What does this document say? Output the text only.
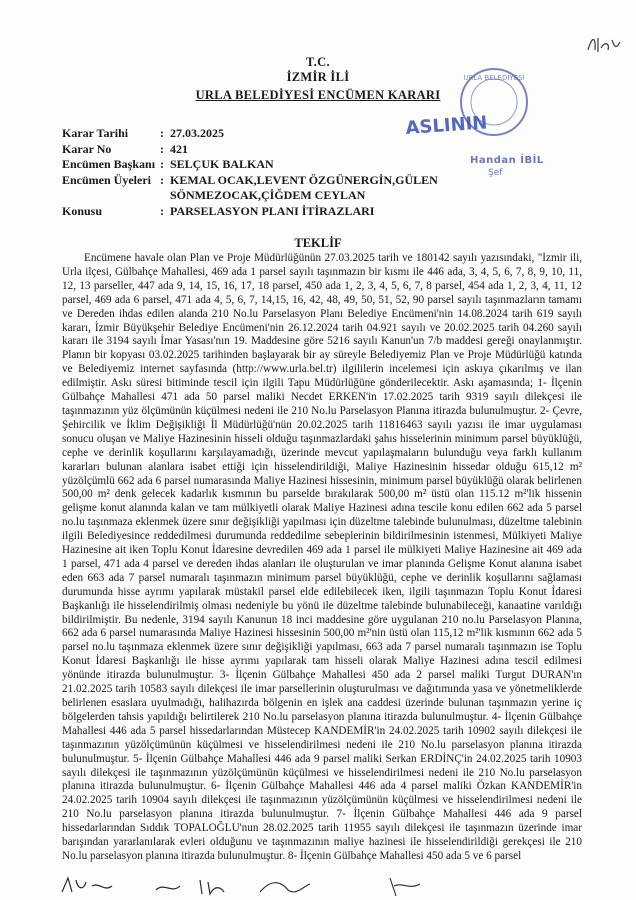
T.C.
İZMİR İLİ
URLA BELEDİYESİ ENCÜMEN KARARI
URLA BELEDİYESİ
ASLININ
Handan İBİL
Şef
Karar Tarihi	: 27.03.2025
Karar No	: 421
Encümen Başkanı : SELÇUK BALKAN
Encümen Üyeleri : KEMAL OCAK,LEVENT ÖZGÜNERGİN,GÜLEN SÖNMEZOCAK,ÇİĞDEM CEYLAN
Konusu	: PARSELASYON PLANI İTİRAZLARI
TEKLİF
Encümene havale olan Plan ve Proje Müdürlüğünün 27.03.2025 tarih ve 180142 sayılı yazısındaki, "İzmir ili, Urla ilçesi, Gülbahçe Mahallesi, 469 ada 1 parsel sayılı taşınmazın bir kısmı ile 446 ada, 3, 4, 5, 6, 7, 8, 9, 10, 11, 12, 13 parseller, 447 ada 9, 14, 15, 16, 17, 18 parsel, 450 ada 1, 2, 3, 4, 5, 6, 7, 8 parsel, 454 ada 1, 2, 3, 4, 11, 12 parsel, 469 ada 6 parsel, 471 ada 4, 5, 6, 7, 14,15, 16, 42, 48, 49, 50, 51, 52, 90 parsel sayılı taşınmazların tamamı ve Dereden ihdas edilen alanda 210 No.lu Parselasyon Planı Belediye Encümeni'nin 14.08.2024 tarih 619 sayılı kararı, İzmir Büyükşehir Belediye Encümeni'nin 26.12.2024 tarih 04.921 sayılı ve 20.02.2025 tarih 04.260 sayılı kararı ile 3194 sayılı İmar Yasası'nın 19. Maddesine göre 5216 sayılı Kanun'un 7/b maddesi gereği onaylanmıştır. Planın bir kopyası 03.02.2025 tarihinden başlayarak bir ay süreyle Belediyemiz Plan ve Proje Müdürlüğü katında ve Belediyemiz internet sayfasında (http://www.urla.bel.tr) ilgililerin incelemesi için askıya çıkarılmış ve ilan edilmiştir. Askı süresi bitiminde tescil için ilgili Tapu Müdürlüğüne gönderilecektir. Askı aşamasında; 1- İlçenin Gülbahçe Mahallesi 471 ada 50 parsel maliki Necdet ERKEN'in 17.02.2025 tarih 9319 sayılı dilekçesi ile taşınmazının yüz ölçümünün küçülmesi nedeni ile 210 No.lu Parselasyon Planına itirazda bulunulmuştur. 2- Çevre, Şehircilik ve İklim Değişikliği İl Müdürlüğü'nün 20.02.2025 tarih 11816463 sayılı yazısı ile imar uygulaması sonucu oluşan ve Maliye Hazinesinin hisseli olduğu taşınmazlardaki şahıs hisselerinin minimum parsel büyüklüğü, cephe ve derinlik koşullarını karşılayamadığı, üzerinde mevcut yapılaşmaların bulunduğu veya farklı kullanım kararları bulunan alanlara isabet ettiği için hisselendirildiği, Maliye Hazinesinin hissedar olduğu 615,12 m² yüzölçümlü 662 ada 6 parsel numarasında Maliye Hazinesi hissesinin, minimum parsel büyüklüğü olarak belirlenen 500,00 m² denk gelecek kadarlık kısmının bu parselde bırakılarak 500,00 m² üstü olan 115.12 m²'lik hissenin gelişme konut alanında kalan ve tam mülkiyetli olarak Maliye Hazinesi adına tescile konu edilen 662 ada 5 parsel no.lu taşınmaza eklenmek üzere sınır değişikliği yapılması için düzeltme talebinde bulunulması, düzeltme talebinin ilgili Belediyesince reddedilmesi durumunda reddedilme sebeplerinin bildirilmesinin istenmesi, Mülkiyeti Maliye Hazinesine ait iken Toplu Konut İdaresine devredilen 469 ada 1 parsel ile mülkiyeti Maliye Hazinesine ait 469 ada 1 parsel, 471 ada 4 parsel ve dereden ihdas alanları ile oluşturulan ve imar planında Gelişme Konut alanına isabet eden 663 ada 7 parsel numaralı taşınmazın minimum parsel büyüklüğü, cephe ve derinlik koşullarını sağlaması durumunda hisse ayrımı yapılarak müstakil parsel elde edilebilecek iken, ilgili taşınmazın Toplu Konut İdaresi Başkanlığı ile hisselendirilmiş olması nedeniyle bu yönü ile düzeltme talebinde bulunabileceği, kanaatine varıldığı bildirilmiştir. Bu nedenle, 3194 sayılı Kanunun 18 inci maddesine göre uygulanan 210 no.lu Parselasyon Planına, 662 ada 6 parsel numarasında Maliye Hazinesi hissesinin 500,00 m²'nin üstü olan 115,12 m²'lik kısmının 662 ada 5 parsel no.lu taşınmaza eklenmek üzere sınır değişikliği yapılması, 663 ada 7 parsel numaralı taşınmazın ise Toplu Konut İdaresi Başkanlığı ile hisse ayrımı yapılarak tam hisseli olarak Maliye Hazinesi adına tescil edilmesi yönünde itirazda bulunulmuştur. 3- İlçenin Gülbahçe Mahallesi 450 ada 2 parsel maliki Turgut DURAN'ın 21.02.2025 tarih 10583 sayılı dilekçesi ile imar parsellerinin oluşturulması ve dağıtımında yasa ve yönetmeliklerde belirlenen esaslara uyulmadığı, halihazırda bölgenin en işlek ana caddesi üzerinde bulunan taşınmazın yerine iç bölgelerden tahsis yapıldığı belirtilerek 210 No.lu parselasyon planına itirazda bulunulmuştur. 4- İlçenin Gülbahçe Mahallesi 446 ada 5 parsel hissedarlarından Müstecep KANDEMİR'in 24.02.2025 tarih 10902 sayılı dilekçesi ile taşınmazının yüzölçümünün küçülmesi ve hisselendirilmesi nedeni ile 210 No.lu parselasyon planına itirazda bulunulmuştur. 5- İlçenin Gülbahçe Mahallesi 446 ada 9 parsel maliki Serkan ERDİNÇ'in 24.02.2025 tarih 10903 sayılı dilekçesi ile taşınmazının yüzölçümünün küçülmesi ve hisselendirilmesi nedeni ile 210 No.lu parselasyon planına itirazda bulunulmuştur. 6- İlçenin Gülbahçe Mahallesi 446 ada 4 parsel maliki Özkan KANDEMİR'in 24.02.2025 tarih 10904 sayılı dilekçesi ile taşınmazının yüzölçümünün küçülmesi ve hisselendirilmesi nedeni ile 210 No.lu parselasyon planına itirazda bulunulmuştur. 7- İlçenin Gülbahçe Mahallesi 446 ada 9 parsel hissedarlarından Sıddık TOPALOĞLU'nun 28.02.2025 tarih 11955 sayılı dilekçesi ile taşınmazın üzerinde imar barışından yararlanılarak evleri olduğunu ve taşınmazının maliye hazinesi ile hisselendirildiği gerekçesi ile 210 No.lu parselasyon planına itirazda bulunulmuştur. 8- İlçenin Gülbahçe Mahallesi 450 ada 5 ve 6 parsel
